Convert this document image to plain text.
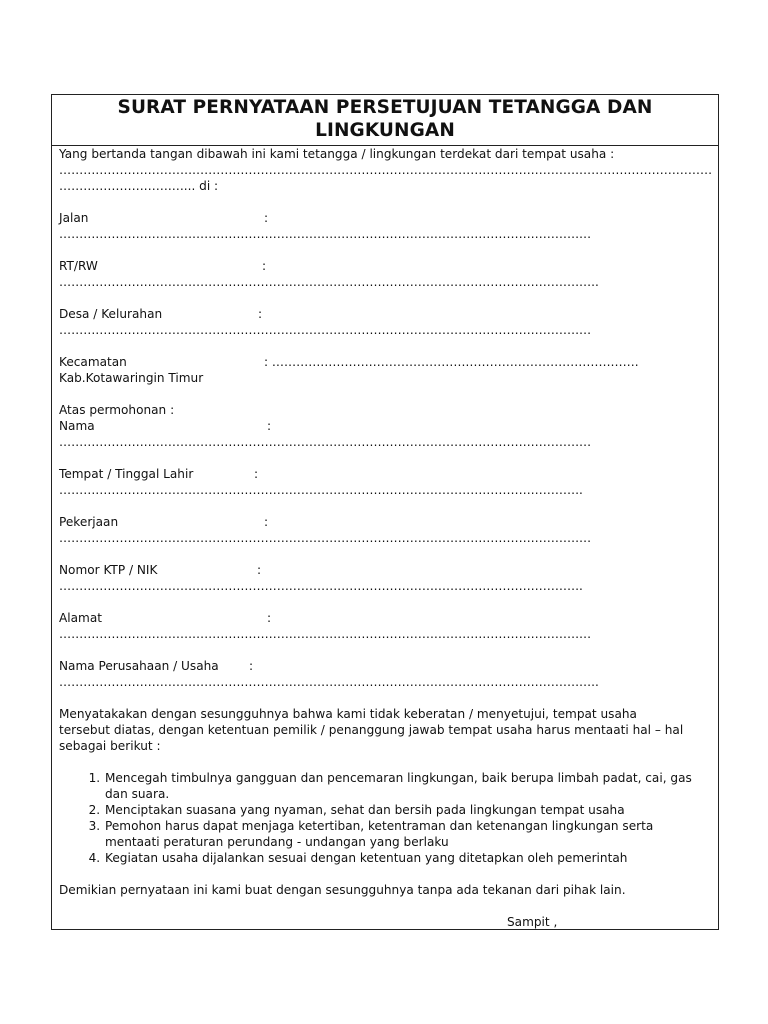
SURAT PERNYATAAN PERSETUJUAN TETANGGA DAN
LINGKUNGAN
Yang bertanda tangan dibawah ini kami tetangga / lingkungan terdekat dari tempat usaha :
………………………………………………………………………………………………………………………………………………
……………………….…... di :
Jalan	:
……………………………………………………………………………………………………………………
RT/RW	:
……………………………………………………………………………………………………………………..
Desa / Kelurahan	:
……………………………………………………………………………………………………………………
Kecamatan	: ……………………………………………………………………………….
Kab.Kotawaringin Timur
Atas permohonan :
Nama	:
……………………………………………………………………………………………………………………
Tempat / Tinggal Lahir	:
………………………………………………………………………………………………………………….
Pekerjaan	:
……………………………………………………………………………………………………………………
Nomor KTP / NIK	:
………………………………………………………………………………………………………………….
Alamat	:
……………………………………………………………………………………………………………………
Nama Perusahaan / Usaha	:
……………………………………………………………………………………………………………………..
Menyatakakan dengan sesungguhnya bahwa kami tidak keberatan / menyetujui, tempat usaha
tersebut diatas, dengan ketentuan pemilik / penanggung jawab tempat usaha harus mentaati hal – hal
sebagai berikut :
1. Mencegah timbulnya gangguan dan pencemaran lingkungan, baik berupa limbah padat, cai, gas
dan suara.
2. Menciptakan suasana yang nyaman, sehat dan bersih pada lingkungan tempat usaha
3. Pemohon harus dapat menjaga ketertiban, ketentraman dan ketenangan lingkungan serta
mentaati peraturan perundang - undangan yang berlaku
4. Kegiatan usaha dijalankan sesuai dengan ketentuan yang ditetapkan oleh pemerintah
Demikian pernyataan ini kami buat dengan sesungguhnya tanpa ada tekanan dari pihak lain.
Sampit ,
